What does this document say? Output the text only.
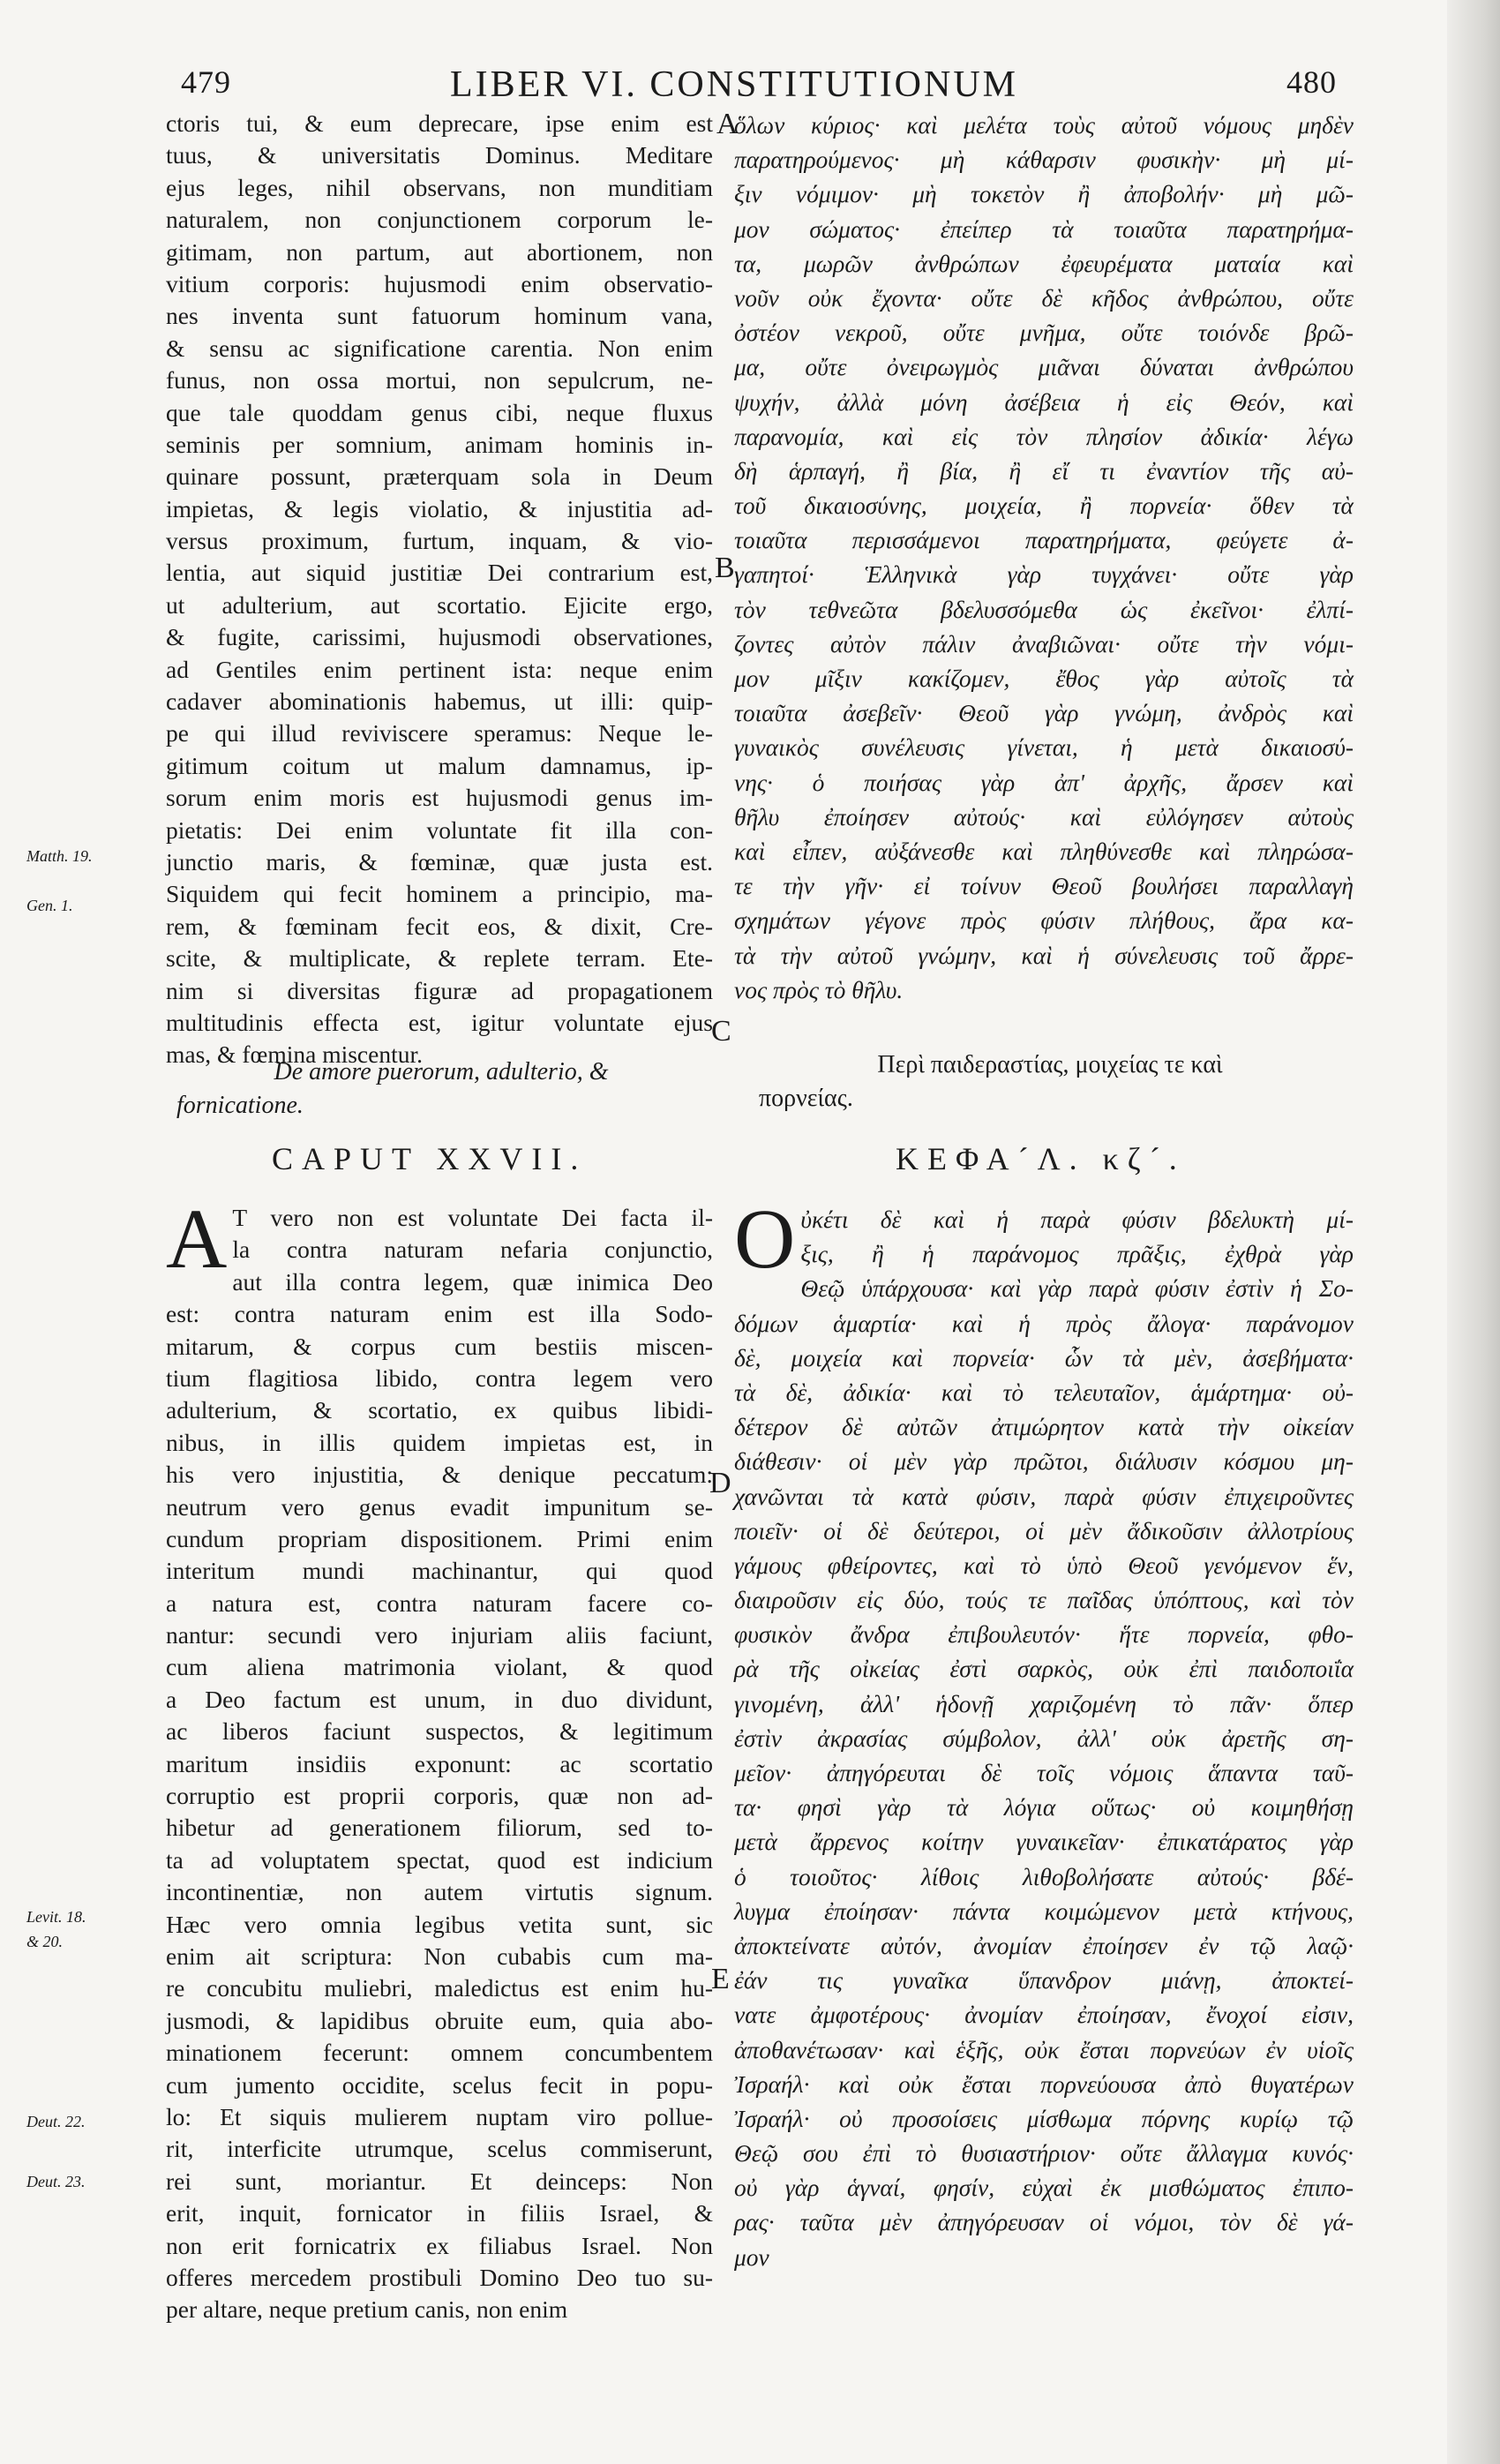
479	LIBER VI. CONSTITUTIONUM	480
ctoris tui, & eum deprecare, ipse enim est
tuus, & universitatis Dominus. Meditare
ejus leges, nihil observans, non munditiam
naturalem, non conjunctionem corporum le-
gitimam, non partum, aut abortionem, non
vitium corporis: hujusmodi enim observatio-
nes inventa sunt fatuorum hominum vana,
& sensu ac significatione carentia. Non enim
funus, non ossa mortui, non sepulcrum, ne-
que tale quoddam genus cibi, neque fluxus
seminis per somnium, animam hominis in-
quinare possunt, præterquam sola in Deum
impietas, & legis violatio, & injustitia ad-
versus proximum, furtum, inquam, & vio-
lentia, aut siquid justitiæ Dei contrarium est,
ut adulterium, aut scortatio. Ejicite ergo,
& fugite, carissimi, hujusmodi observationes,
ad Gentiles enim pertinent ista: neque enim
cadaver abominationis habemus, ut illi: quip-
pe qui illud reviviscere speramus: Neque le-
gitimum coitum ut malum damnamus, ip-
sorum enim moris est hujusmodi genus im-
pietatis: Dei enim voluntate fit illa con-
junctio maris, & fœminæ, quæ justa est.
Siquidem qui fecit hominem a principio, ma-
rem, & fœminam fecit eos, & dixit, Cre-
scite, & multiplicate, & replete terram. Ete-
nim si diversitas figuræ ad propagationem
multitudinis effecta est, igitur voluntate ejus
mas, & fœmina miscentur.
ὅλων κύριος· καὶ μελέτα τοὺς αὐτοῦ νόμους μηδὲν
παρατηρούμενος· μὴ κάθαρσιν φυσικὴν· μὴ μί-
ξιν νόμιμον· μὴ τοκετὸν ἢ ἀποβολήν· μὴ μῶ-
μον σώματος· ἐπείπερ τὰ τοιαῦτα παρατηρήμα-
τα, μωρῶν ἀνθρώπων ἐφευρέματα ματαία καὶ
νοῦν οὐκ ἔχοντα· οὔτε δὲ κῆδος ἀνθρώπου, οὔτε
ὀστέον νεκροῦ, οὔτε μνῆμα, οὔτε τοιόνδε βρῶ-
μα, οὔτε ὀνειρωγμὸς μιᾶναι δύναται ἀνθρώπου
ψυχήν, ἀλλὰ μόνη ἀσέβεια ἡ εἰς Θεόν, καὶ
παρανομία, καὶ εἰς τὸν πλησίον ἀδικία· λέγω
δὴ ἁρπαγή, ἢ βία, ἢ εἴ τι ἐναντίον τῆς αὐ-
τοῦ δικαιοσύνης, μοιχεία, ἢ πορνεία· ὅθεν τὰ
τοιαῦτα περισσάμενοι παρατηρήματα, φεύγετε ἀ-
γαπητοί· Ἑλληνικὰ γὰρ τυγχάνει· οὔτε γὰρ
τὸν τεθνεῶτα βδελυσσόμεθα ὡς ἐκεῖνοι· ἐλπί-
ζοντες αὐτὸν πάλιν ἀναβιῶναι· οὔτε τὴν νόμι-
μον μῖξιν κακίζομεν, ἔθος γὰρ αὐτοῖς τὰ
τοιαῦτα ἀσεβεῖν· Θεοῦ γὰρ γνώμη, ἀνδρὸς καὶ
γυναικὸς συνέλευσις γίνεται, ἡ μετὰ δικαιοσύ-
νης· ὁ ποιήσας γὰρ ἀπ' ἀρχῆς, ἄρσεν καὶ
θῆλυ ἐποίησεν αὐτούς· καὶ εὐλόγησεν αὐτοὺς
καὶ εἶπεν, αὐξάνεσθε καὶ πληθύνεσθε καὶ πληρώσα-
τε τὴν γῆν· εἰ τοίνυν Θεοῦ βουλήσει παραλλαγὴ
σχημάτων γέγονε πρὸς φύσιν πλήθους, ἄρα κα-
τὰ τὴν αὐτοῦ γνώμην, καὶ ἡ σύνελευσις τοῦ ἄρρε-
νος πρὸς τὸ θῆλυ.
De amore puerorum, adulterio, &
fornicatione.
Περὶ παιδεραστίας, μοιχείας τε καὶ
πορνείας.
CAPUT XXVII.	ΚΕΦΑ´Λ. κζ´.
A T vero non est voluntate Dei facta il-
la contra naturam nefaria conjunctio,
aut illa contra legem, quæ inimica Deo
est: contra naturam enim est illa Sodo-
mitarum, & corpus cum bestiis miscen-
tium flagitiosa libido, contra legem vero
adulterium, & scortatio, ex quibus libidi-
nibus, in illis quidem impietas est, in
his vero injustitia, & denique peccatum:
neutrum vero genus evadit impunitum se-
cundum propriam dispositionem. Primi enim
interitum mundi machinantur, qui quod
a natura est, contra naturam facere co-
nantur: secundi vero injuriam aliis faciunt,
cum aliena matrimonia violant, & quod
a Deo factum est unum, in duo dividunt,
ac liberos faciunt suspectos, & legitimum
maritum insidiis exponunt: ac scortatio
corruptio est proprii corporis, quæ non ad-
hibetur ad generationem filiorum, sed to-
ta ad voluptatem spectat, quod est indicium
incontinentiæ, non autem virtutis signum.
Hæc vero omnia legibus vetita sunt, sic
enim ait scriptura: Non cubabis cum ma-
re concubitu muliebri, maledictus est enim hu-
jusmodi, & lapidibus obruite eum, quia abo-
minationem fecerunt: omnem concumbentem
cum jumento occidite, scelus fecit in popu-
lo: Et siquis mulierem nuptam viro pollue-
rit, interficite utrumque, scelus commiserunt,
rei sunt, moriantur. Et deinceps: Non
erit, inquit, fornicator in filiis Israel, &
non erit fornicatrix ex filiabus Israel. Non
offeres mercedem prostibuli Domino Deo tuo su-
per altare, neque pretium canis, non enim
Ο ὐκέτι δὲ καὶ ἡ παρὰ φύσιν βδελυκτὴ μί-
ξις, ἢ ἡ παράνομος πρᾶξις, ἐχθρὰ γὰρ
Θεῷ ὑπάρχουσα· καὶ γὰρ παρὰ φύσιν ἐστὶν ἡ Σο-
δόμων ἁμαρτία· καὶ ἡ πρὸς ἄλογα· παράνομον
δὲ, μοιχεία καὶ πορνεία· ὧν τὰ μὲν, ἀσεβήματα·
τὰ δὲ, ἀδικία· καὶ τὸ τελευταῖον, ἁμάρτημα· οὐ-
δέτερον δὲ αὐτῶν ἀτιμώρητον κατὰ τὴν οἰκείαν
διάθεσιν· οἱ μὲν γὰρ πρῶτοι, διάλυσιν κόσμου μη-
χανῶνται τὰ κατὰ φύσιν, παρὰ φύσιν ἐπιχειροῦντες
ποιεῖν· οἱ δὲ δεύτεροι, οἱ μὲν ἄδικοῦσιν ἀλλοτρίους
γάμους φθείροντες, καὶ τὸ ὑπὸ Θεοῦ γενόμενον ἕν,
διαιροῦσιν εἰς δύο, τούς τε παῖδας ὑπόπτους, καὶ τὸν
φυσικὸν ἄνδρα ἐπιβουλευτόν· ἥτε πορνεία, φθο-
ρὰ τῆς οἰκείας ἐστὶ σαρκὸς, οὐκ ἐπὶ παιδοποιΐα
γινομένη, ἀλλ' ἡδονῇ χαριζομένη τὸ πᾶν· ὅπερ
ἐστὶν ἀκρασίας σύμβολον, ἀλλ' οὐκ ἀρετῆς ση-
μεῖον· ἀπηγόρευται δὲ τοῖς νόμοις ἅπαντα ταῦ-
τα· φησὶ γὰρ τὰ λόγια οὕτως· οὐ κοιμηθήσῃ
μετὰ ἄρρενος κοίτην γυναικεῖαν· ἐπικατάρατος γὰρ
ὁ τοιοῦτος· λίθοις λιθοβολήσατε αὐτούς· βδέ-
λυγμα ἐποίησαν· πάντα κοιμώμενον μετὰ κτήνους,
ἀποκτείνατε αὐτόν, ἀνομίαν ἐποίησεν ἐν τῷ λαῷ·
ἐάν τις γυναῖκα ὕπανδρον μιάνῃ, ἀποκτεί-
νατε ἀμφοτέρους· ἀνομίαν ἐποίησαν, ἔνοχοί εἰσιν,
ἀποθανέτωσαν· καὶ ἑξῆς, οὐκ ἔσται πορνεύων ἐν υἱοῖς
Ἰσραήλ· καὶ οὐκ ἔσται πορνεύουσα ἀπὸ θυγατέρων
Ἰσραήλ· οὐ προσοίσεις μίσθωμα πόρνης κυρίῳ τῷ
Θεῷ σου ἐπὶ τὸ θυσιαστήριον· οὔτε ἄλλαγμα κυνός·
οὐ γὰρ ἁγναί, φησίν, εὐχαὶ ἐκ μισθώματος ἐπιπο-
ρας· ταῦτα μὲν ἀπηγόρευσαν οἱ νόμοι, τὸν δὲ γά-
μον
A
B
C
D
E
Matth. 19.
Gen. 1.
Levit. 18.
& 20.
Deut. 22.
Deut. 23.
